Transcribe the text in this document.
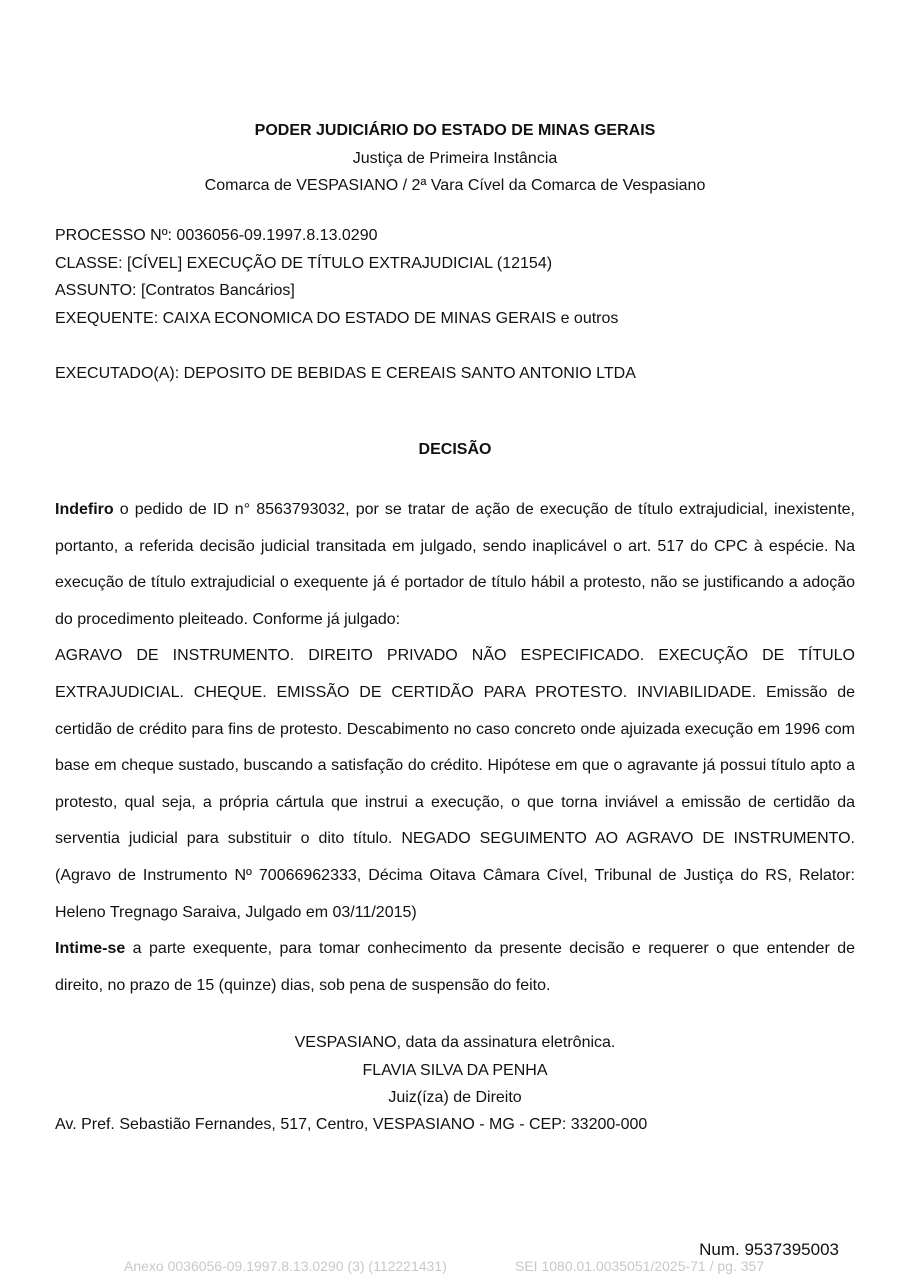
PODER JUDICIÁRIO DO ESTADO DE MINAS GERAIS
Justiça de Primeira Instância
Comarca de VESPASIANO / 2ª Vara Cível da Comarca de Vespasiano
PROCESSO Nº: 0036056-09.1997.8.13.0290
CLASSE: [CÍVEL] EXECUÇÃO DE TÍTULO EXTRAJUDICIAL (12154)
ASSUNTO: [Contratos Bancários]
EXEQUENTE: CAIXA ECONOMICA DO ESTADO DE MINAS GERAIS e outros
EXECUTADO(A): DEPOSITO DE BEBIDAS E CEREAIS SANTO ANTONIO LTDA
DECISÃO

Indefiro o pedido de ID n° 8563793032, por se tratar de ação de execução de título extrajudicial, inexistente, portanto, a referida decisão judicial transitada em julgado, sendo inaplicável o art. 517 do CPC à espécie. Na execução de título extrajudicial o exequente já é portador de título hábil a protesto, não se justificando a adoção do procedimento pleiteado. Conforme já julgado:

AGRAVO DE INSTRUMENTO. DIREITO PRIVADO NÃO ESPECIFICADO. EXECUÇÃO DE TÍTULO EXTRAJUDICIAL. CHEQUE. EMISSÃO DE CERTIDÃO PARA PROTESTO. INVIABILIDADE. Emissão de certidão de crédito para fins de protesto. Descabimento no caso concreto onde ajuizada execução em 1996 com base em cheque sustado, buscando a satisfação do crédito. Hipótese em que o agravante já possui título apto a protesto, qual seja, a própria cártula que instrui a execução, o que torna inviável a emissão de certidão da serventia judicial para substituir o dito título. NEGADO SEGUIMENTO AO AGRAVO DE INSTRUMENTO. (Agravo de Instrumento Nº 70066962333, Décima Oitava Câmara Cível, Tribunal de Justiça do RS, Relator: Heleno Tregnago Saraiva, Julgado em 03/11/2015)

Intime-se a parte exequente, para tomar conhecimento da presente decisão e requerer o que entender de direito, no prazo de 15 (quinze) dias, sob pena de suspensão do feito.

VESPASIANO, data da assinatura eletrônica.
FLAVIA SILVA DA PENHA
Juiz(íza) de Direito
Av. Pref. Sebastião Fernandes, 517, Centro, VESPASIANO - MG - CEP: 33200-000
Num. 9537395003
Anexo 0036056-09.1997.8.13.0290 (3) (112221431)	SEI 1080.01.0035051/2025-71 / pg. 357
